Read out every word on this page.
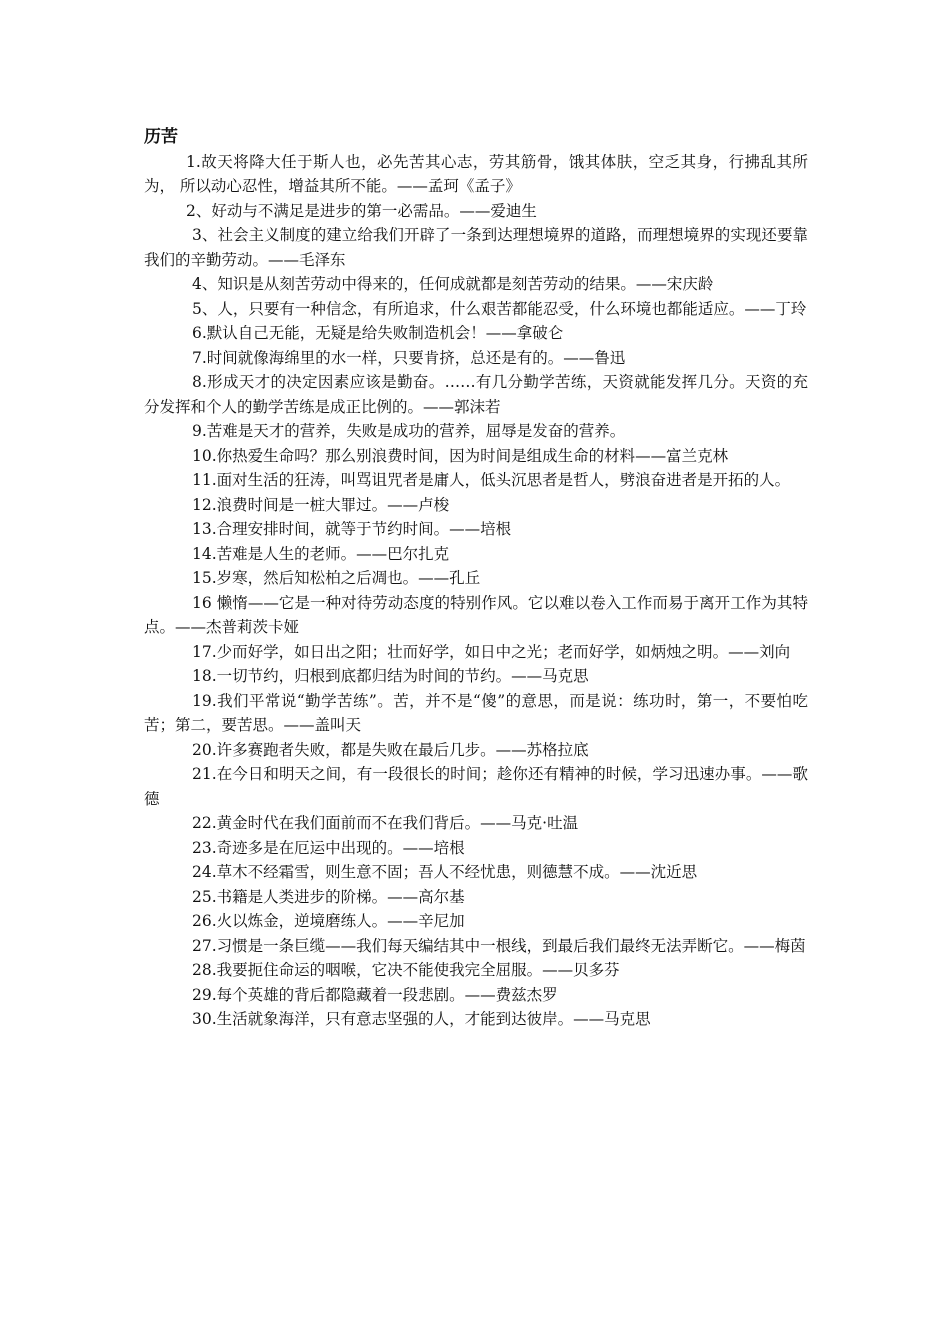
历苦

1.故天将降大任于斯人也，必先苦其心志，劳其筋骨，饿其体肤，空乏其身，行拂乱其所 为， 所以动心忍性，增益其所不能。——孟珂《孟子》

2、好动与不满足是进步的第一必需品。——爱迪生

3、社会主义制度的建立给我们开辟了一条到达理想境界的道路，而理想境界的实现还要靠我们的辛勤劳动。——毛泽东

4、知识是从刻苦劳动中得来的，任何成就都是刻苦劳动的结果。——宋庆龄

5、人，只要有一种信念，有所追求，什么艰苦都能忍受，什么环境也都能适应。——丁玲

6.默认自己无能，无疑是给失败制造机会！——拿破仑

7.时间就像海绵里的水一样，只要肯挤，总还是有的。——鲁迅

8.形成天才的决定因素应该是勤奋。……有几分勤学苦练，天资就能发挥几分。天资的充分发挥和个人的勤学苦练是成正比例的。——郭沫若

9.苦难是天才的营养，失败是成功的营养，屈辱是发奋的营养。

10.你热爱生命吗？那么别浪费时间，因为时间是组成生命的材料——富兰克林

11.面对生活的狂涛，叫骂诅咒者是庸人，低头沉思者是哲人，劈浪奋进者是开拓的人。

12.浪费时间是一桩大罪过。——卢梭

13.合理安排时间，就等于节约时间。——培根

14.苦难是人生的老师。——巴尔扎克

15.岁寒，然后知松柏之后凋也。——孔丘

16 懒惰——它是一种对待劳动态度的特别作风。它以难以卷入工作而易于离开工作为其特 点。——杰普莉茨卡娅

17.少而好学，如日出之阳；壮而好学，如日中之光；老而好学，如炳烛之明。——刘向

18.一切节约，归根到底都归结为时间的节约。——马克思

19.我们平常说“勤学苦练”。苦，并不是“傻”的意思，而是说：练功时，第一，不要怕吃苦；第二，要苦思。——盖叫天

20.许多赛跑者失败，都是失败在最后几步。——苏格拉底

21.在今日和明天之间，有一段很长的时间；趁你还有精神的时候，学习迅速办事。——歌德

22.黄金时代在我们面前而不在我们背后。——马克·吐温

23.奇迹多是在厄运中出现的。——培根

24.草木不经霜雪，则生意不固；吾人不经忧患，则德慧不成。——沈近思

25.书籍是人类进步的阶梯。——高尔基

26.火以炼金，逆境磨练人。——辛尼加

27.习惯是一条巨缆——我们每天编结其中一根线，到最后我们最终无法弄断它。——梅茵

28.我要扼住命运的咽喉，它决不能使我完全屈服。——贝多芬

29.每个英雄的背后都隐藏着一段悲剧。——费兹杰罗

30.生活就象海洋，只有意志坚强的人，才能到达彼岸。——马克思
